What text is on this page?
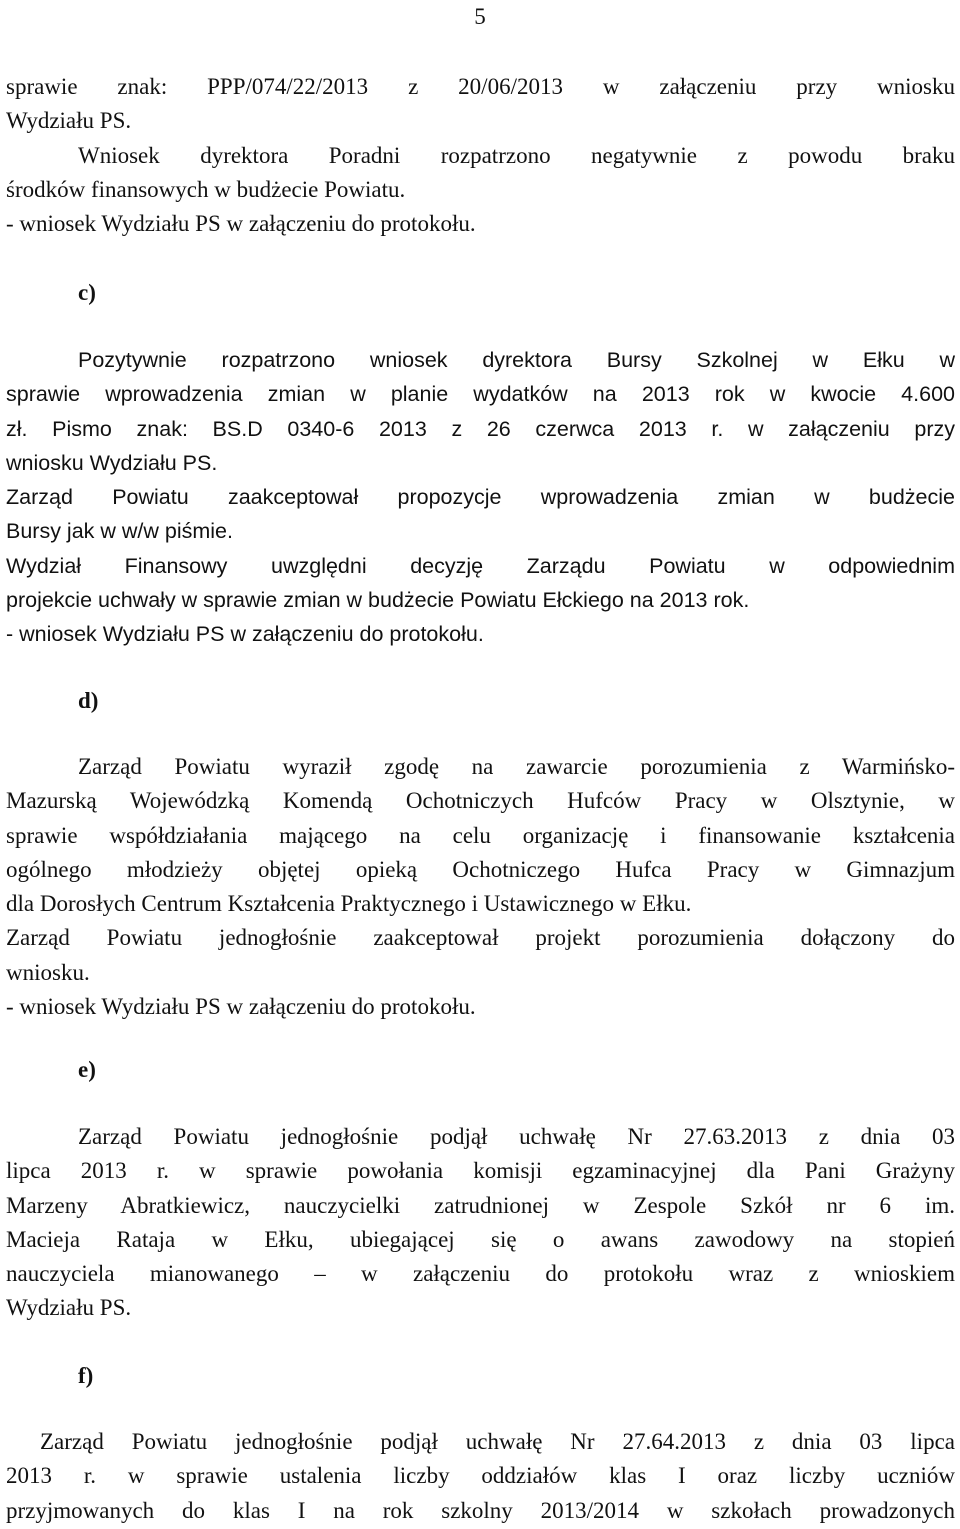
5
sprawie znak: PPP/074/22/2013 z 20/06/2013 w załączeniu przy wniosku
Wydziału PS.
Wniosek dyrektora Poradni rozpatrzono negatywnie z powodu braku
środków finansowych w budżecie Powiatu.
- wniosek Wydziału PS w załączeniu do protokołu.
c)
Pozytywnie rozpatrzono wniosek dyrektora Bursy Szkolnej w Ełku w
sprawie wprowadzenia zmian w planie wydatków na 2013 rok w kwocie 4.600
zł. Pismo znak: BS.D 0340-6 2013 z 26 czerwca 2013 r. w załączeniu przy
wniosku Wydziału PS.
Zarząd Powiatu zaakceptował propozycje wprowadzenia zmian w budżecie
Bursy jak w w/w piśmie.
Wydział Finansowy uwzględni decyzję Zarządu Powiatu w odpowiednim
projekcie uchwały w sprawie zmian w budżecie Powiatu Ełckiego na 2013 rok.
- wniosek Wydziału PS w załączeniu do protokołu.
d)
Zarząd Powiatu wyraził zgodę na zawarcie porozumienia z Warmińsko-
Mazurską Wojewódzką Komendą Ochotniczych Hufców Pracy w Olsztynie, w
sprawie współdziałania mającego na celu organizację i finansowanie kształcenia
ogólnego młodzieży objętej opieką Ochotniczego Hufca Pracy w Gimnazjum
dla Dorosłych Centrum Kształcenia Praktycznego i Ustawicznego w Ełku.
Zarząd Powiatu jednogłośnie zaakceptował projekt porozumienia dołączony do
wniosku.
- wniosek Wydziału PS w załączeniu do protokołu.
e)
Zarząd Powiatu jednogłośnie podjął uchwałę Nr 27.63.2013 z dnia 03
lipca 2013 r. w sprawie powołania komisji egzaminacyjnej dla Pani Grażyny
Marzeny Abratkiewicz, nauczycielki zatrudnionej w Zespole Szkół nr 6 im.
Macieja Rataja w Ełku, ubiegającej się o awans zawodowy na stopień
nauczyciela mianowanego – w załączeniu do protokołu wraz z wnioskiem
Wydziału PS.
f)
Zarząd Powiatu jednogłośnie podjął uchwałę Nr 27.64.2013 z dnia 03 lipca
2013 r. w sprawie ustalenia liczby oddziałów klas I oraz liczby uczniów
przyjmowanych do klas I na rok szkolny 2013/2014 w szkołach prowadzonych
